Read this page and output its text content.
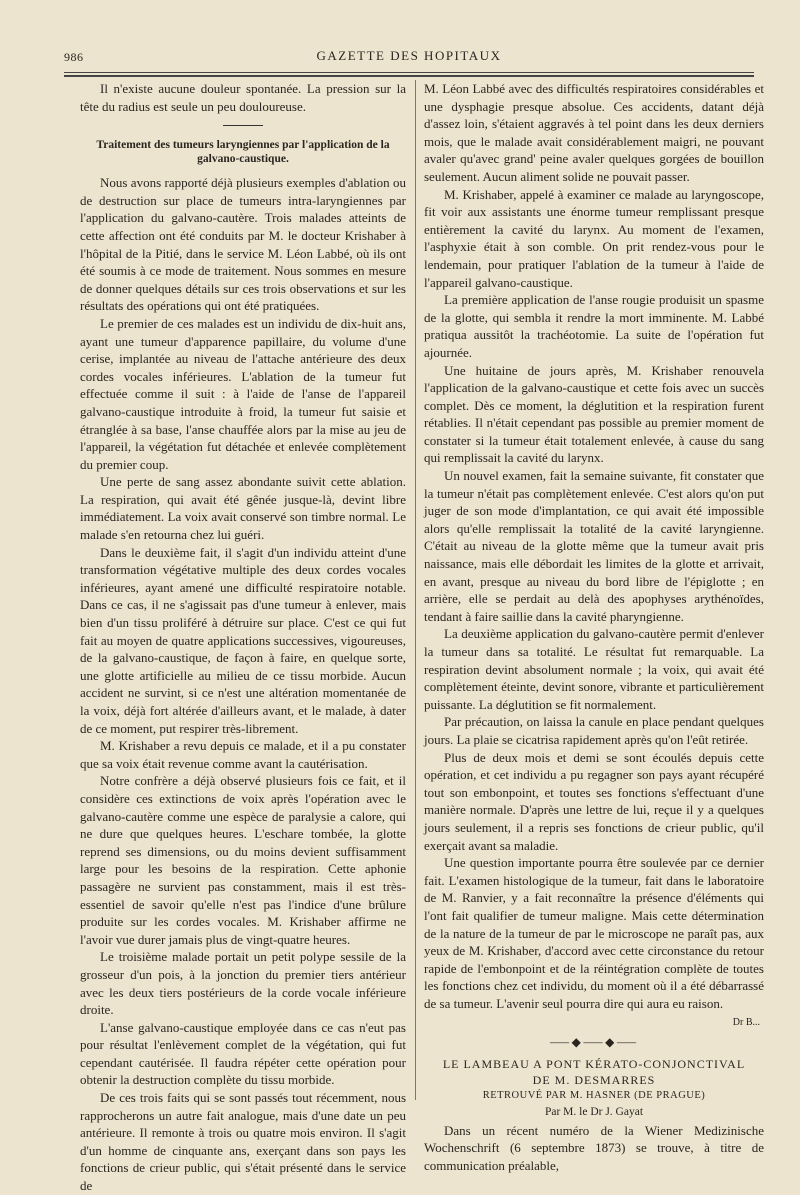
986	GAZETTE DES HOPITAUX

Il n'existe aucune douleur spontanée. La pression sur la tête du radius est seule un peu douloureuse.

Traitement des tumeurs laryngiennes par l'application de la galvano-caustique.

Nous avons rapporté déjà plusieurs exemples d'ablation ou de destruction sur place de tumeurs intra-laryngiennes par l'application du galvano-cautère. Trois malades atteints de cette affection ont été conduits par M. le docteur Krishaber à l'hôpital de la Pitié, dans le service M. Léon Labbé, où ils ont été soumis à ce mode de traitement. Nous sommes en mesure de donner quelques détails sur ces trois observations et sur les résultats des opérations qui ont été pratiquées.

Le premier de ces malades est un individu de dix-huit ans, ayant une tumeur d'apparence papillaire, du volume d'une cerise, implantée au niveau de l'attache antérieure des deux cordes vocales inférieures. L'ablation de la tumeur fut effectuée comme il suit : à l'aide de l'anse de l'appareil galvano-caustique introduite à froid, la tumeur fut saisie et étranglée à sa base, l'anse chauffée alors par la mise au jeu de l'appareil, la végétation fut détachée et enlevée complètement du premier coup.

Une perte de sang assez abondante suivit cette ablation. La respiration, qui avait été gênée jusque-là, devint libre immédiatement. La voix avait conservé son timbre normal. Le malade s'en retourna chez lui guéri.

Dans le deuxième fait, il s'agit d'un individu atteint d'une transformation végétative multiple des deux cordes vocales inférieures, ayant amené une difficulté respiratoire notable. Dans ce cas, il ne s'agissait pas d'une tumeur à enlever, mais bien d'un tissu proliféré à détruire sur place. C'est ce qui fut fait au moyen de quatre applications successives, vigoureuses, de la galvano-caustique, de façon à faire, en quelque sorte, une glotte artificielle au milieu de ce tissu morbide. Aucun accident ne survint, si ce n'est une altération momentanée de la voix, déjà fort altérée d'ailleurs avant, et le malade, à dater de ce moment, put respirer très-librement.

M. Krishaber a revu depuis ce malade, et il a pu constater que sa voix était revenue comme avant la cautérisation.

Notre confrère a déjà observé plusieurs fois ce fait, et il considère ces extinctions de voix après l'opération avec le galvano-cautère comme une espèce de paralysie a calore, qui ne dure que quelques heures. L'eschare tombée, la glotte reprend ses dimensions, ou du moins devient suffisamment large pour les besoins de la respiration. Cette aphonie passagère ne survient pas constamment, mais il est très-essentiel de savoir qu'elle n'est pas l'indice d'une brûlure produite sur les cordes vocales. M. Krishaber affirme ne l'avoir vue durer jamais plus de vingt-quatre heures.

Le troisième malade portait un petit polype sessile de la grosseur d'un pois, à la jonction du premier tiers antérieur avec les deux tiers postérieurs de la corde vocale inférieure droite.

L'anse galvano-caustique employée dans ce cas n'eut pas pour résultat l'enlèvement complet de la végétation, qui fut cependant cautérisée. Il faudra répéter cette opération pour obtenir la destruction complète du tissu morbide.

De ces trois faits qui se sont passés tout récemment, nous rapprocherons un autre fait analogue, mais d'une date un peu antérieure. Il remonte à trois ou quatre mois environ. Il s'agit d'un homme de cinquante ans, exerçant dans son pays les fonctions de crieur public, qui s'était présenté dans le service de

M. Léon Labbé avec des difficultés respiratoires considérables et une dysphagie presque absolue. Ces accidents, datant déjà d'assez loin, s'étaient aggravés à tel point dans les deux derniers mois, que le malade avait considérablement maigri, ne pouvant avaler qu'avec grand' peine avaler quelques gorgées de bouillon seulement. Aucun aliment solide ne pouvait passer.

M. Krishaber, appelé à examiner ce malade au laryngoscope, fit voir aux assistants une énorme tumeur remplissant presque entièrement la cavité du larynx. Au moment de l'examen, l'asphyxie était à son comble. On prit rendez-vous pour le lendemain, pour pratiquer l'ablation de la tumeur à l'aide de l'appareil galvano-caustique.

La première application de l'anse rougie produisit un spasme de la glotte, qui sembla it rendre la mort imminente. M. Labbé pratiqua aussitôt la trachéotomie. La suite de l'opération fut ajournée.

Une huitaine de jours après, M. Krishaber renouvela l'application de la galvano-caustique et cette fois avec un succès complet. Dès ce moment, la déglutition et la respiration furent rétablies. Il n'était cependant pas possible au premier moment de constater si la tumeur était totalement enlevée, à cause du sang qui remplissait la cavité du larynx.

Un nouvel examen, fait la semaine suivante, fit constater que la tumeur n'était pas complètement enlevée. C'est alors qu'on put juger de son mode d'implantation, ce qui avait été impossible alors qu'elle remplissait la totalité de la cavité laryngienne. C'était au niveau de la glotte même que la tumeur avait pris naissance, mais elle débordait les limites de la glotte et arrivait, en avant, presque au niveau du bord libre de l'épiglotte ; en arrière, elle se perdait au delà des apophyses arythénoïdes, tendant à faire saillie dans la cavité pharyngienne.

La deuxième application du galvano-cautère permit d'enlever la tumeur dans sa totalité. Le résultat fut remarquable. La respiration devint absolument normale ; la voix, qui avait été complètement éteinte, devint sonore, vibrante et particulièrement puissante. La déglutition se fit normalement.

Par précaution, on laissa la canule en place pendant quelques jours. La plaie se cicatrisa rapidement après qu'on l'eût retirée.

Plus de deux mois et demi se sont écoulés depuis cette opération, et cet individu a pu regagner son pays ayant récupéré tout son embonpoint, et toutes ses fonctions s'effectuant d'une manière normale. D'après une lettre de lui, reçue il y a quelques jours seulement, il a repris ses fonctions de crieur public, qu'il exerçait avant sa maladie.

Une question importante pourra être soulevée par ce dernier fait. L'examen histologique de la tumeur, fait dans le laboratoire de M. Ranvier, y a fait reconnaître la présence d'éléments qui l'ont fait qualifier de tumeur maligne. Mais cette détermination de la nature de la tumeur de par le microscope ne paraît pas, aux yeux de M. Krishaber, d'accord avec cette circonstance du retour rapide de l'embonpoint et de la réintégration complète de toutes les fonctions chez cet individu, du moment où il a été débarrassé de sa tumeur. L'avenir seul pourra dire qui aura eu raison.

Dr B...

⸺◆⸺◆⸺

LE LAMBEAU A PONT KÉRATO-CONJONCTIVAL

DE M. DESMARRES

RETROUVÉ PAR M. HASNER (DE PRAGUE)

Par M. le Dr J. Gayat

Dans un récent numéro de la Wiener Medizinische Wochenschrift (6 septembre 1873) se trouve, à titre de communication préalable,
